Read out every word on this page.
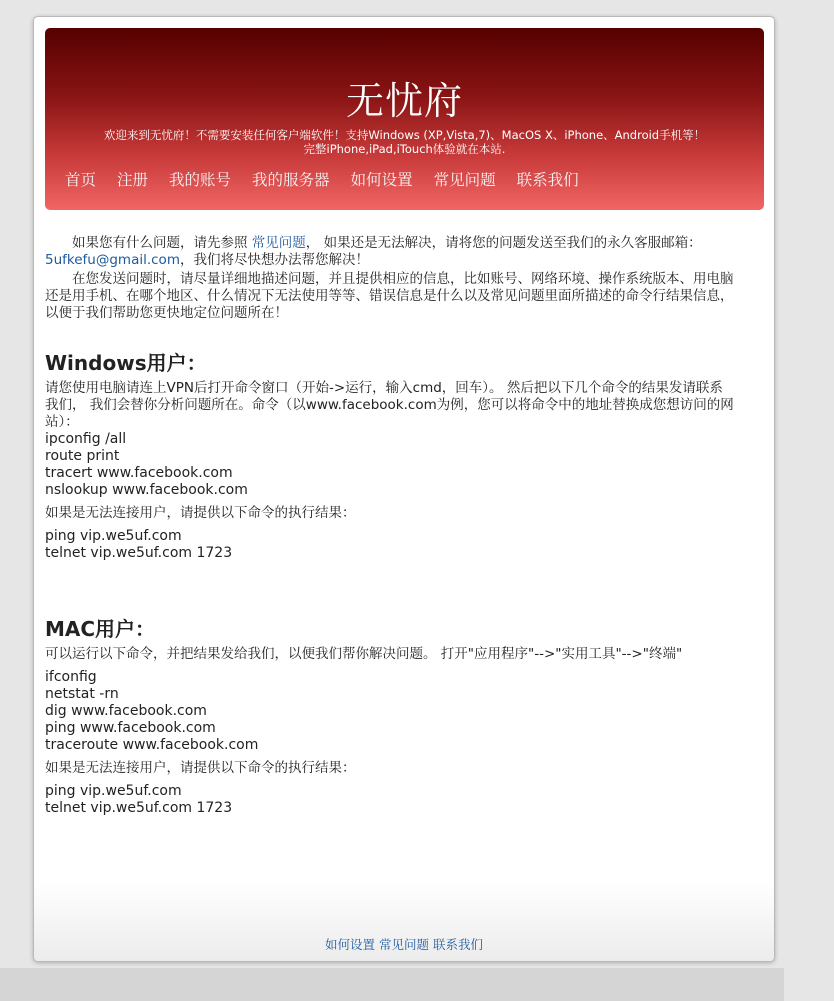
无忧府
欢迎来到无忧府！不需要安装任何客户端软件！支持Windows (XP,Vista,7)、MacOS X、iPhone、Android手机等！
完整iPhone,iPad,iTouch体验就在本站.
首页 注册 我的账号 我的服务器 如何设置 常见问题 联系我们

如果您有什么问题，请先参照 常见问题， 如果还是无法解决，请将您的问题发送至我们的永久客服邮箱：5ufkefu@gmail.com，我们将尽快想办法帮您解决！

在您发送问题时，请尽量详细地描述问题，并且提供相应的信息，比如账号、网络环境、操作系统版本、用电脑还是用手机、在哪个地区、什么情况下无法使用等等、错误信息是什么以及常见问题里面所描述的命令行结果信息，以便于我们帮助您更快地定位问题所在！

Windows用户：

请您使用电脑请连上VPN后打开命令窗口（开始->运行，输入cmd，回车）。 然后把以下几个命令的结果发请联系我们， 我们会替你分析问题所在。命令（以www.facebook.com为例，您可以将命令中的地址替换成您想访问的网站）：

ipconfig /all
route print
tracert www.facebook.com
nslookup www.facebook.com

如果是无法连接用户，请提供以下命令的执行结果：

ping vip.we5uf.com
telnet vip.we5uf.com 1723
MAC用户：

可以运行以下命令，并把结果发给我们，以便我们帮你解决问题。 打开"应用程序"-->"实用工具"-->"终端"

ifconfig
netstat -rn
dig www.facebook.com
ping www.facebook.com
traceroute www.facebook.com

如果是无法连接用户，请提供以下命令的执行结果：

ping vip.we5uf.com
telnet vip.we5uf.com 1723
如何设置 常见问题 联系我们
